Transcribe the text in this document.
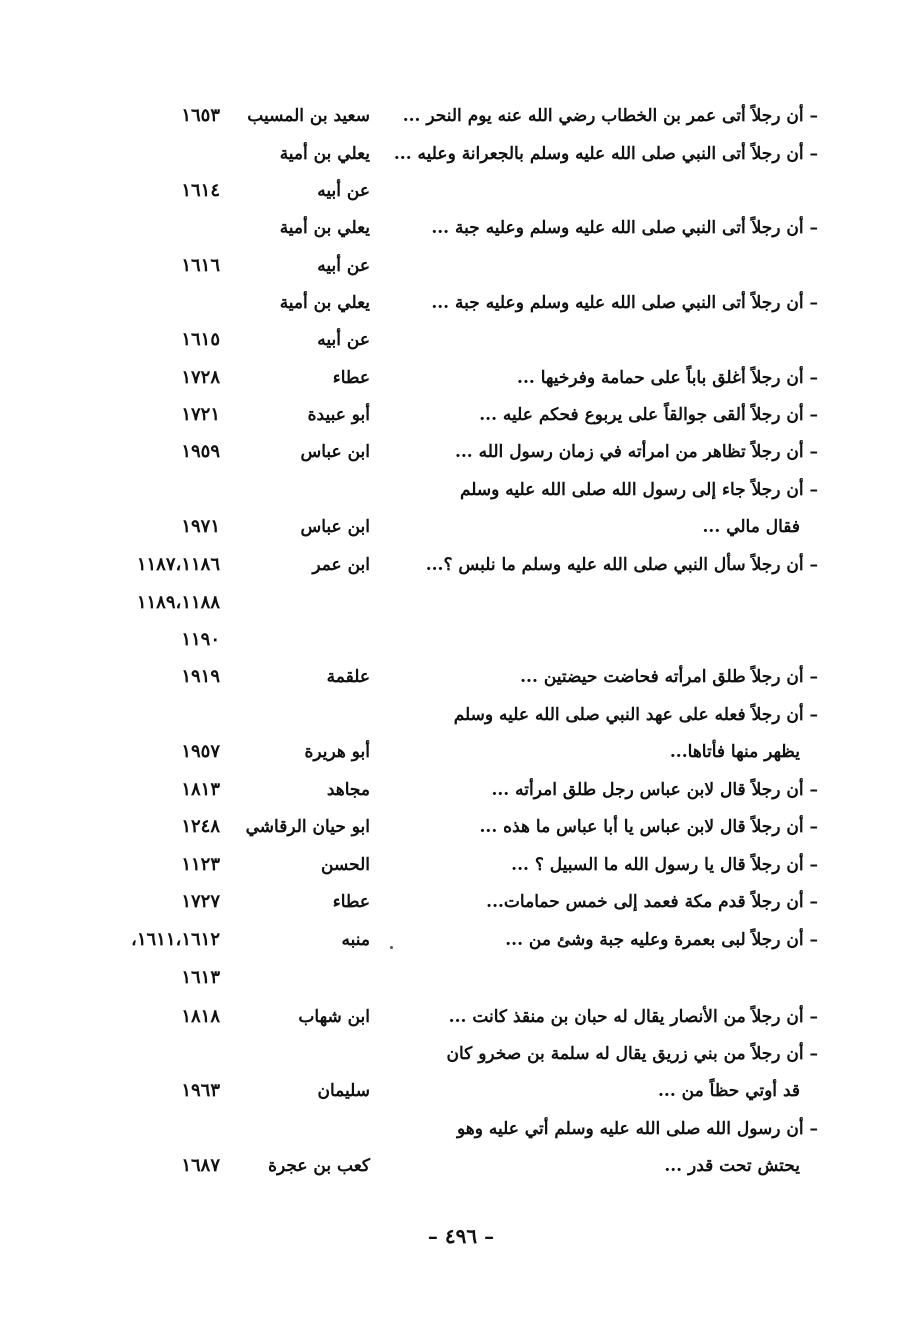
– أن رجلاً أتى عمر بن الخطاب رضي الله عنه يوم النحر ...
سعيد بن المسيب
١٦٥٣
– أن رجلاً أتى النبي صلى الله عليه وسلم بالجعرانة وعليه ...
يعلي بن أمية
عن أبيه
١٦١٤
– أن رجلاً أتى النبي صلى الله عليه وسلم وعليه جبة ...
يعلي بن أمية
عن أبيه
١٦١٦
– أن رجلاً أتى النبي صلى الله عليه وسلم وعليه جبة ...
يعلي بن أمية
عن أبيه
١٦١٥
– أن رجلاً أغلق باباً على حمامة وفرخيها ...
عطاء
١٧٢٨
– أن رجلاً ألقى جوالقاً على يربوع فحكم عليه ...
أبو عبيدة
١٧٢١
– أن رجلاً تظاهر من امرأته في زمان رسول الله ...
ابن عباس
١٩٥٩
– أن رجلاً جاء إلى رسول الله صلى الله عليه وسلم
فقال مالي ...
ابن عباس
١٩٧١
– أن رجلاً سأل النبي صلى الله عليه وسلم ما نلبس ؟...
ابن عمر
١١٨٧،١١٨٦
١١٨٩،١١٨٨
١١٩٠
– أن رجلاً طلق امرأته فحاضت حيضتين ...
علقمة
١٩١٩
– أن رجلاً فعله على عهد النبي صلى الله عليه وسلم
يظهر منها فأتاها...
أبو هريرة
١٩٥٧
– أن رجلاً قال لابن عباس رجل طلق امرأته ...
مجاهد
١٨١٣
– أن رجلاً قال لابن عباس يا أبا عباس ما هذه ...
ابو حيان الرقاشي
١٢٤٨
– أن رجلاً قال يا رسول الله ما السبيل ؟ ...
الحسن
١١٢٣
– أن رجلاً قدم مكة فعمد إلى خمس حمامات...
عطاء
١٧٢٧
– أن رجلاً لبى بعمرة وعليه جبة وشئ من ...
منبه
١٦١١،١٦١٢،
١٦١٣
– أن رجلاً من الأنصار يقال له حبان بن منقذ كانت ...
ابن شهاب
١٨١٨
– أن رجلاً من بني زريق يقال له سلمة بن صخرو كان
قد أوتي حظاً من ...
سليمان
١٩٦٣
– أن رسول الله صلى الله عليه وسلم أتي عليه وهو
يحتش تحت قدر ...
كعب بن عجرة
١٦٨٧
– ٤٩٦ –
